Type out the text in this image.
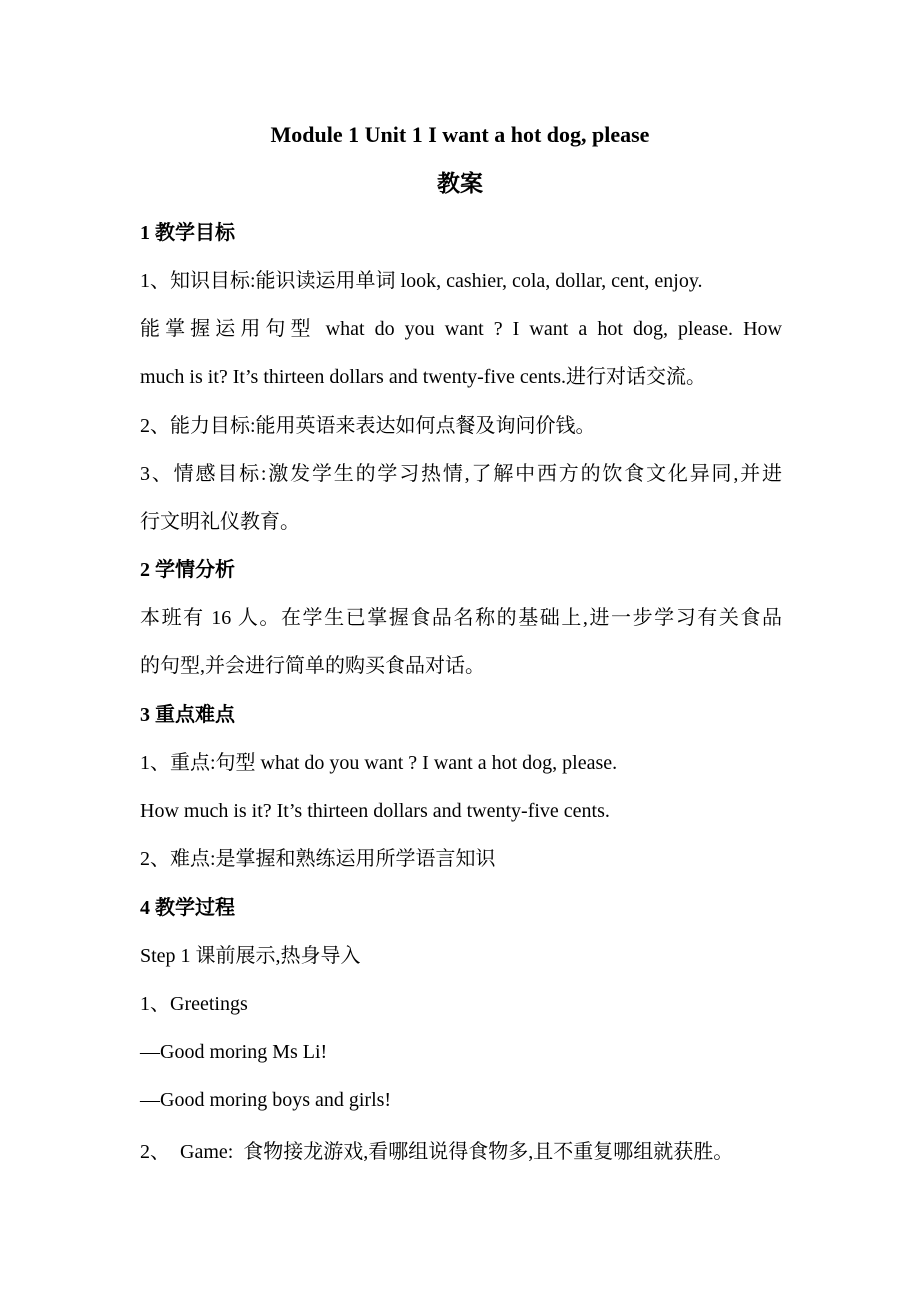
Module 1 Unit 1 I want a hot dog, please
教案
1 教学目标
1、知识目标:能识读运用单词 look, cashier, cola, dollar, cent, enjoy.
能掌握运用句型 what do you want ? I want a hot dog, please. How
much is it? It’s thirteen dollars and twenty-five cents.进行对话交流。
2、能力目标:能用英语来表达如何点餐及询问价钱。
3、情感目标:激发学生的学习热情,了解中西方的饮食文化异同,并进
行文明礼仪教育。
2 学情分析
本班有 16 人。在学生已掌握食品名称的基础上,进一步学习有关食品
的句型,并会进行简单的购买食品对话。
3 重点难点
1、重点:句型 what do you want ? I want a hot dog, please.
How much is it? It’s thirteen dollars and twenty-five cents.
2、难点:是掌握和熟练运用所学语言知识
4 教学过程
Step 1 课前展示,热身导入
1、Greetings
—Good moring Ms Li!
—Good moring boys and girls!
2、  Game:  食物接龙游戏,看哪组说得食物多,且不重复哪组就获胜。
